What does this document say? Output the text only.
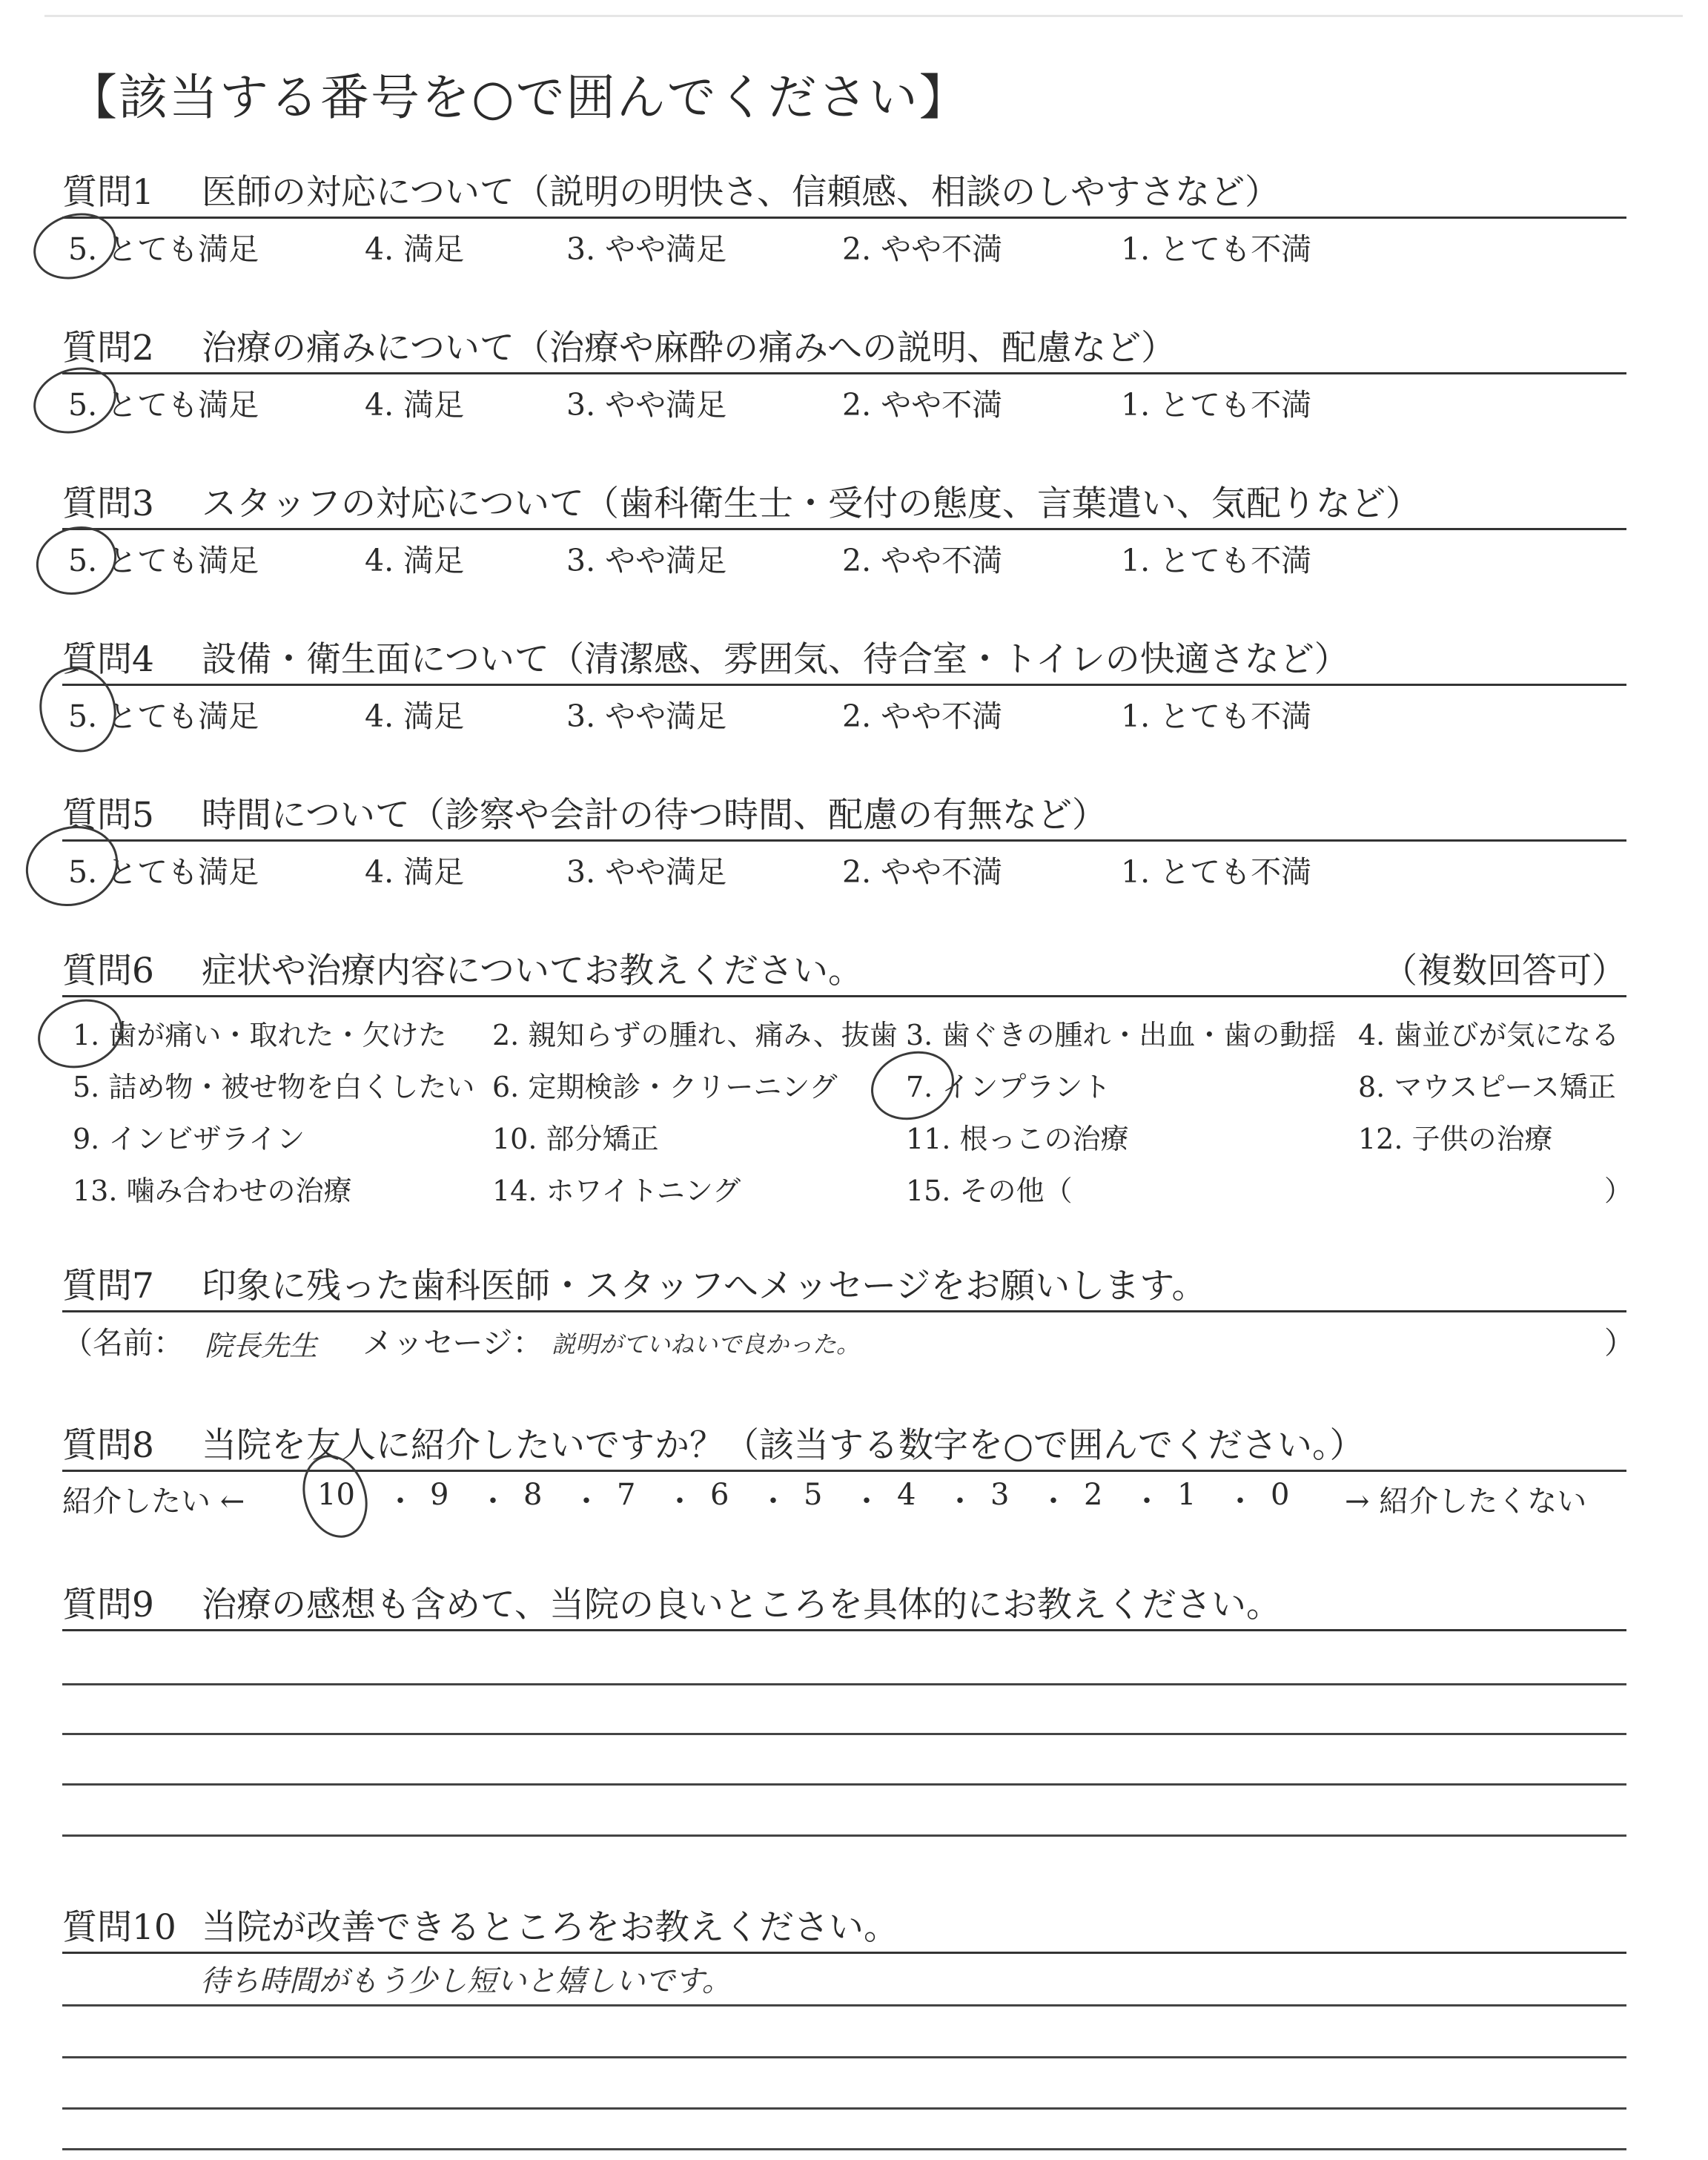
【該当する番号を○で囲んでください】
質問1 医師の対応について（説明の明快さ、信頼感、相談のしやすさなど）
5. とても満足	4. 満足	3. やや満足	2. やや不満	1. とても不満
質問2 治療の痛みについて（治療や麻酔の痛みへの説明、配慮など）
5. とても満足	4. 満足	3. やや満足	2. やや不満	1. とても不満
質問3 スタッフの対応について（歯科衛生士・受付の態度、言葉遣い、気配りなど）
5. とても満足	4. 満足	3. やや満足	2. やや不満	1. とても不満
質問4 設備・衛生面について（清潔感、雰囲気、待合室・トイレの快適さなど）
5. とても満足	4. 満足	3. やや満足	2. やや不満	1. とても不満
質問5 時間について（診察や会計の待つ時間、配慮の有無など）
5. とても満足	4. 満足	3. やや満足	2. やや不満	1. とても不満
質問6 症状や治療内容についてお教えください。	（複数回答可）
1. 歯が痛い・取れた・欠けた 2. 親知らずの腫れ、痛み、抜歯 3. 歯ぐきの腫れ・出血・歯の動揺 4. 歯並びが気になる
5. 詰め物・被せ物を白くしたい 6. 定期検診・クリーニング 7. インプラント	8. マウスピース矯正
9. インビザライン	10. 部分矯正	11. 根っこの治療	12. 子供の治療
13. 噛み合わせの治療	14. ホワイトニング	15. その他（	）
質問7 印象に残った歯科医師・スタッフへメッセージをお願いします。
（名前： 院長先生 メッセージ： 説明がていねいで良かった。	）
質問8 当院を友人に紹介したいですか？（該当する数字を○で囲んでください。）
紹介したい ← 10 ・ 9 ・ 8 ・ 7 ・ 6 ・ 5 ・ 4 ・ 3 ・ 2 ・ 1 ・ 0 → 紹介したくない
質問9 治療の感想も含めて、当院の良いところを具体的にお教えください。
質問10 当院が改善できるところをお教えください。
待ち時間がもう少し短いと嬉しいです。
